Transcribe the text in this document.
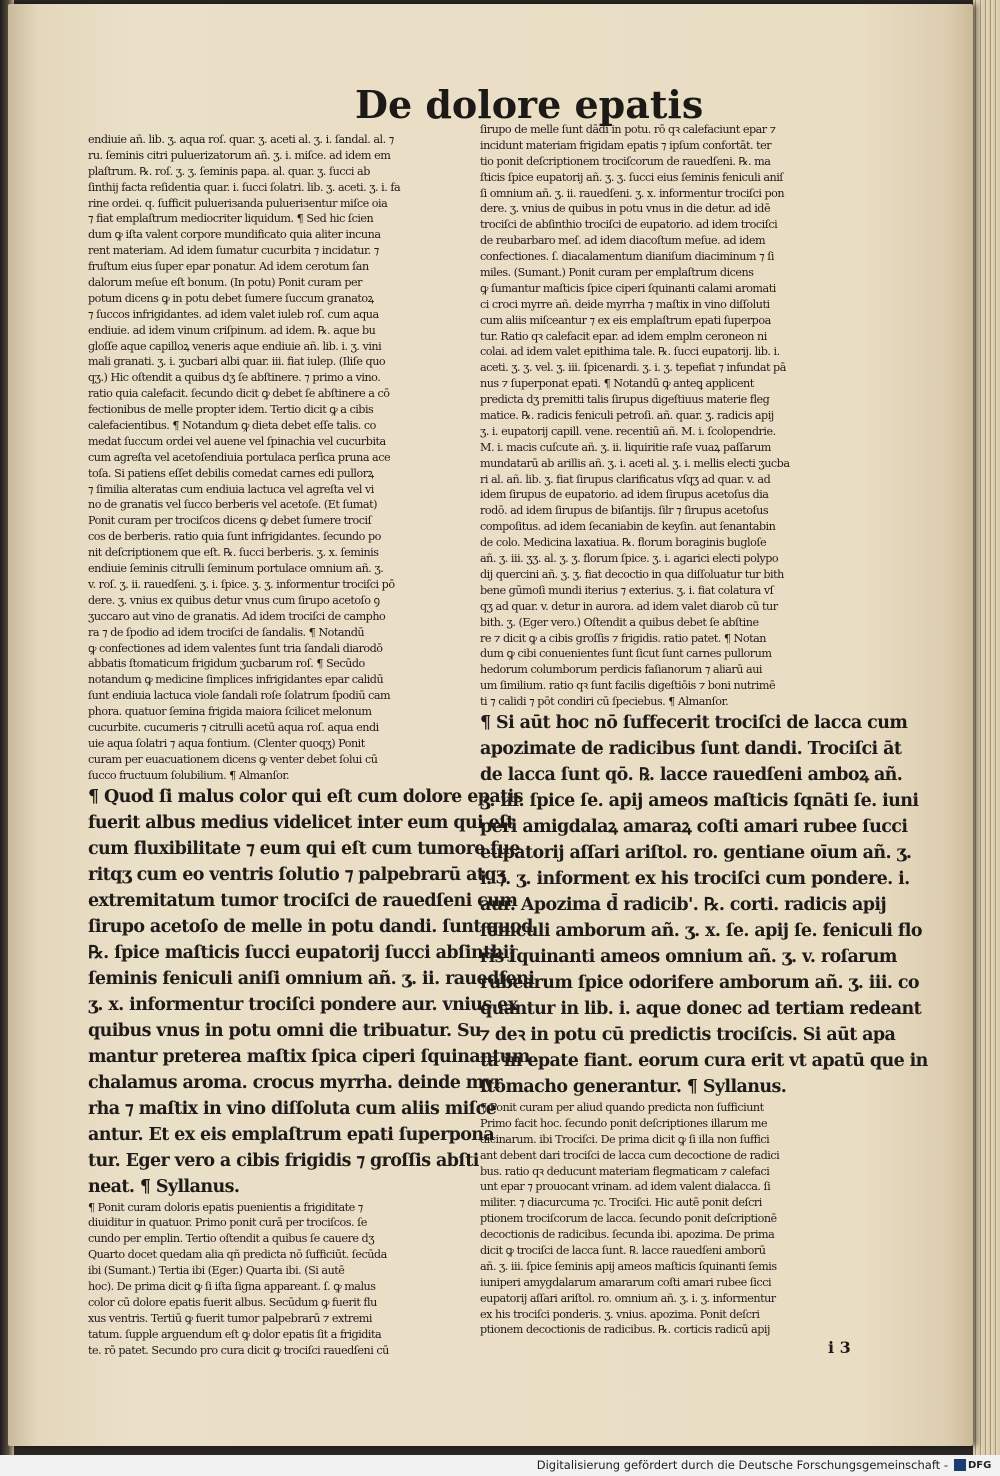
De dolore epatis
endiuie añ. lib. ʒ. aqua roſ. quar. ʒ. aceti al. ʒ. i. ſandal. al. ⁊
ru. ſeminis citri puluerizatorum añ. ʒ. i. miſce. ad idem em
plaſtrum. ℞. roſ. ʒ. ʒ. ſeminis papa. al. quar. ʒ. ſucci ab
ſinthij facta reſidentia quar. i. ſucci ſolatri. lib. ʒ. aceti. ʒ. i. fa
rine ordei. q. ſufficit pulueriзanda pulueriзentur miſce oia
⁊ fiat emplaſtrum mediocriter liquidum. ¶ Sed hic ſcien
dum ꝙ iſta valent corpore mundificato quia aliter incuna
rent materiam. Ad idem ſumatur cucurbita ⁊ incidatur. ⁊
fruſtum eius ſuper epar ponatur. Ad idem cerotum ſan
dalorum meſue eſt bonum. (In potu) Ponit curam per
potum dicens ꝙ in potu debet ſumere ſuccum granatoꝝ
⁊ ſuccos infrigidantes. ad idem valet iuleb roſ. cum aqua
endiuie. ad idem vinum criſpinum. ad idem. ℞. aque bu
gloſſe aque capilloꝝ veneris aque endiuie añ. lib. i. ʒ. vini
mali granati. ʒ. i. ʒucbari albi quar. iii. fiat iulep. (Iliſe quo
qʒ.) Hic oſtendit a quibus dʒ ſe abſtinere. ⁊ primo a vino.
ratio quia calefacit. ſecundo dicit ꝙ debet ſe abſtinere a cō
fectionibus de melle propter idem. Tertio dicit ꝙ a cibis
calefacientibus. ¶ Notandum ꝙ dieta debet eſſe talis. co
medat ſuccum ordei vel auene vel ſpinachia vel cucurbita
cum agreſta vel acetoſendiuia portulaca perſica pruna ace
toſa. Si patiens eſſet debilis comedat carnes edi pullorꝝ
⁊ ſimilia alteratas cum endiuia lactuca vel agreſta vel vi
no de granatis vel ſucco berberis vel acetoſe. (Et ſumat)
Ponit curam per trociſcos dicens ꝙ debet ſumere trociſ
cos de berberis. ratio quia ſunt infrigidantes. ſecundo po
nit deſcriptionem que eſt. ℞. ſucci berberis. ʒ. x. ſeminis
endiuie ſeminis citrulli ſeminum portulace omnium añ. ʒ.
v. roſ. ʒ. ii. rauedſeni. ʒ. i. ſpice. ʒ. ʒ. informentur trociſci pō
dere. ʒ. vnius ex quibus detur vnus cum ſirupo acetoſo ꝯ
ʒuccaro aut vino de granatis. Ad idem trociſci de campho
ra ⁊ de ſpodio ad idem trociſci de ſandalis. ¶ Notandū
ꝙ confectiones ad idem valentes ſunt tria ſandali diarodō
abbatis ſtomaticum frigidum ʒucbarum roſ. ¶ Secūdo
notandum ꝙ medicine ſimplices infrigidantes epar calidū
ſunt endiuia lactuca viole ſandali roſe ſolatrum ſpodiū cam
phora. quatuor ſemina frigida maiora ſcilicet melonum
cucurbite. cucumeris ⁊ citrulli acetū aqua roſ. aqua endi
uie aqua ſolatri ⁊ aqua fontium. (Clenter quoqʒ) Ponit
curam per euacuationem dicens ꝙ venter debet ſolui cū
ſucco fructuum ſolubilium. ¶ Almanſor.
¶ Quod ſi malus color qui eſt cum dolore epatis
fuerit albus medius videlicet inter eum qui eſt
cum fluxibilitate ⁊ eum qui eſt cum tumore fue
ritqʒ cum eo ventris ſolutio ⁊ palpebrarū atqʒ
extremitatum tumor trociſci de rauedſeni cum
ſirupo acetoſo de melle in potu dandi. ſunt quod
℞. ſpice maſticis ſucci eupatorij ſucci abſinthij
ſeminis feniculi aniſi omnium añ. ʒ. ii. rauedſeni
ʒ. x. informentur trociſci pondere aur. vnius ex
quibus vnus in potu omni die tribuatur. Su
mantur preterea maſtix ſpica ciperi ſquinantum
chalamus aroma. crocus myrrha. deinde myr
rha ⁊ maſtix in vino diſſoluta cum aliis miſce
antur. Et ex eis emplaſtrum epati ſuperpona
tur. Eger vero a cibis frigidis ⁊ groſſis abſti
neat. ¶ Syllanus.
¶ Ponit curam doloris epatis puenientis a frigiditate ⁊
diuiditur in quatuor. Primo ponit curā per trociſcos. ſe
cundo per emplin. Tertio oſtendit a quibus ſe cauere dʒ
Quarto docet quedam alia qñ predicta nō ſufficiūt. ſecūda
ibi (Sumant.) Tertia ibi (Eger.) Quarta ibi. (Si autē
hoc). De prima dicit ꝙ ſi iſta ſigna appareant. ſ. ꝙ malus
color cū dolore epatis fuerit albus. Secūdum ꝙ fuerit flu
xus ventris. Tertiū ꝙ fuerit tumor palpebrarū ⁊ extremi
tatum. ſupple arguendum eſt ꝙ dolor epatis ſit a frigidita
te. rō patet. Secundo pro cura dicit ꝙ trociſci rauedſeni cū
ſirupo de melle ſunt dādi in potu. rō qꝛ calefaciunt epar ⁊
incidunt materiam frigidam epatis ⁊ ipſum confortāt. ter
tio ponit deſcriptionem trociſcorum de rauedſeni. ℞. ma
ſticis ſpice eupatorij añ. ʒ. ʒ. ſucci eius ſeminis feniculi aniſ
ſi omnium añ. ʒ. ii. rauedſeni. ʒ. x. informentur trociſci pon
dere. ʒ. vnius de quibus in potu vnus in die detur. ad idē
trociſci de abſinthio trociſci de eupatorio. ad idem trociſci
de reubarbaro meſ. ad idem diacoſtum meſue. ad idem
confectiones. ſ. diacalamentum dianiſum diaciminum ⁊ ſi
miles. (Sumant.) Ponit curam per emplaſtrum dicens
ꝙ ſumantur maſticis ſpice ciperi ſquinanti calami aromati
ci croci myrre añ. deide myrrha ⁊ maſtix in vino diſſoluti
cum aliis miſceantur ⁊ ex eis emplaſtrum epati ſuperpoa
tur. Ratio qꝛ calefacit epar. ad idem emplm ceroneon ni
colai. ad idem valet epithima tale. ℞. ſucci eupatorij. lib. i.
aceti. ʒ. ʒ. vel. ʒ. iii. ſpicenardi. ʒ. i. ʒ. tepefiat ⁊ infundat pā
nus ⁊ ſuperponat epati. ¶ Notandū ꝙ anteꝗ applicent
predicta dʒ premitti talis ſirupus digeſtiuus materie fleg
matice. ℞. radicis feniculi petroſi. añ. quar. ʒ. radicis apij
ʒ. i. eupatorij capill. vene. recentiū añ. M. i. ſcolopendrie.
M. i. macis cuſcute añ. ʒ. ii. liquiritie raſe vuaꝝ paſſarum
mundatarū ab arillis añ. ʒ. i. aceti al. ʒ. i. mellis electi ʒucba
ri al. añ. lib. ʒ. fiat ſirupus clarificatus vſqʒ ad quar. v. ad
idem ſirupus de eupatorio. ad idem ſirupus acetoſus dia
rodō. ad idem ſirupus de biſantijs. ſilr ⁊ ſirupus acetoſus
compoſitus. ad idem ſecaniabin de keyſin. aut ſenantabin
de colo. Medicina laxatiua. ℞. florum boraginis bugloſe
añ. ʒ. iii. ʒʒ. al. ʒ. ʒ. florum ſpice. ʒ. i. agarici electi polypo
dij quercini añ. ʒ. ʒ. fiat decoctio in qua diſſoluatur tur bith
bene gūmoſi mundi iterius ⁊ exterius. ʒ. i. fiat colatura vſ
qʒ ad quar. v. detur in aurora. ad idem valet diarob cū tur
bith. ʒ. (Eger vero.) Oſtendit a quibus debet ſe abſtine
re ⁊ dicit ꝙ a cibis groſſis ⁊ frigidis. ratio patet. ¶ Notan
dum ꝙ cibi conuenientes ſunt ſicut ſunt carnes pullorum
hedorum columborum perdicis faſianorum ⁊ aliarū aui
um ſimilium. ratio qꝛ ſunt facilis digeſtiōis ⁊ boni nutrimē
ti ⁊ calidi ⁊ pōt condiri cū ſpeciebus. ¶ Almanſor.
¶ Si aūt hoc nō ſuffecerit trociſci de lacca cum
apozimate de radicibus ſunt dandi. Trociſci āt
de lacca ſunt qō. ℞. lacce rauedſeni amboꝝ añ.
ʒ. iii. ſpice ſe. apij ameos maſticis ſqnāti ſe. iuni
peri amigdalaꝝ amaraꝝ coſti amari rubee ſucci
eupatorij aſſari ariſtol. ro. gentiane oīum añ. ʒ.
i. ⁊. ʒ. informent ex his trociſci cum pondere. i.
aur. Apozima d̄ radicib'. ℞. corti. radicis apij
feniculi amborum añ. ʒ. x. ſe. apij ſe. feniculi flo
ris ſquinanti ameos omnium añ. ʒ. v. roſarum
rubearum ſpice odorifere amborum añ. ʒ. iii. co
quantur in lib. i. aque donec ad tertiam redeant
⁊ deꝛ in potu cū predictis trociſcis. Si aūt apa
ta in epate fiant. eorum cura erit vt apatū que in
ſtomacho generantur. ¶ Syllanus.
¶ Ponit curam per aliud quando predicta non ſufficiunt
Primo facit hoc. ſecundo ponit deſcriptiones illarum me
dicinarum. ibi Trociſci. De prima dicit ꝙ ſi illa non ſuffici
ant debent dari trociſci de lacca cum decoctione de radici
bus. ratio qꝛ deducunt materiam flegmaticam ⁊ calefaci
unt epar ⁊ prouocant vrinam. ad idem valent dialacca. ſi
militer. ⁊ diacurcuma ⁊c. Trociſci. Hic autē ponit deſcri
ptionem trociſcorum de lacca. ſecundo ponit deſcriptionē
decoctionis de radicibus. ſecunda ibi. apozima. De prima
dicit ꝙ trociſci de lacca ſunt. ℞. lacce rauedſeni amborū
añ. ʒ. iii. ſpice ſeminis apij ameos maſticis ſquinanti ſemis
iuniperi amygdalarum amararum coſti amari rubee ſicci
eupatorij aſſari ariſtol. ro. omnium añ. ʒ. i. ʒ. informentur
ex his trociſci ponderis. ʒ. vnius. apozima. Ponit deſcri
ptionem decoctionis de radicibus. ℞. corticis radicū apij
i 3
Digitalisierung gefördert durch die Deutsche Forschungsgemeinschaft - DFG
